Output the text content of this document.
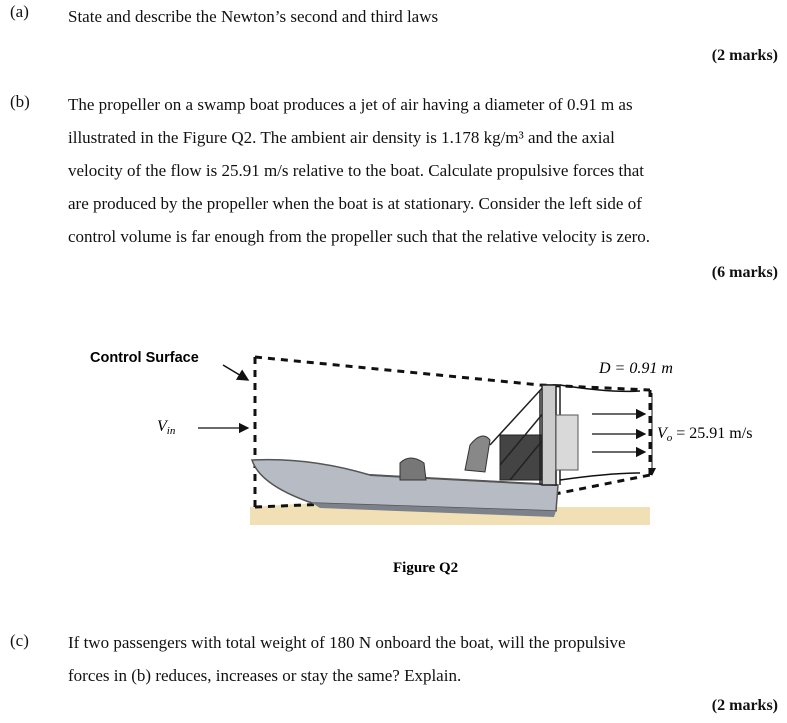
(a) State and describe the Newton’s second and third laws
(2 marks)
(b) The propeller on a swamp boat produces a jet of air having a diameter of 0.91 m as
illustrated in the Figure Q2. The ambient air density is 1.178 kg/m³ and the axial
velocity of the flow is 25.91 m/s relative to the boat. Calculate propulsive forces that
are produced by the propeller when the boat is at stationary. Consider the left side of
control volume is far enough from the propeller such that the relative velocity is zero.
(6 marks)
Control Surface
Vin
D = 0.91 m
Vo = 25.91 m/s
Figure Q2
(c) If two passengers with total weight of 180 N onboard the boat, will the propulsive
forces in (b) reduces, increases or stay the same? Explain.
(2 marks)
